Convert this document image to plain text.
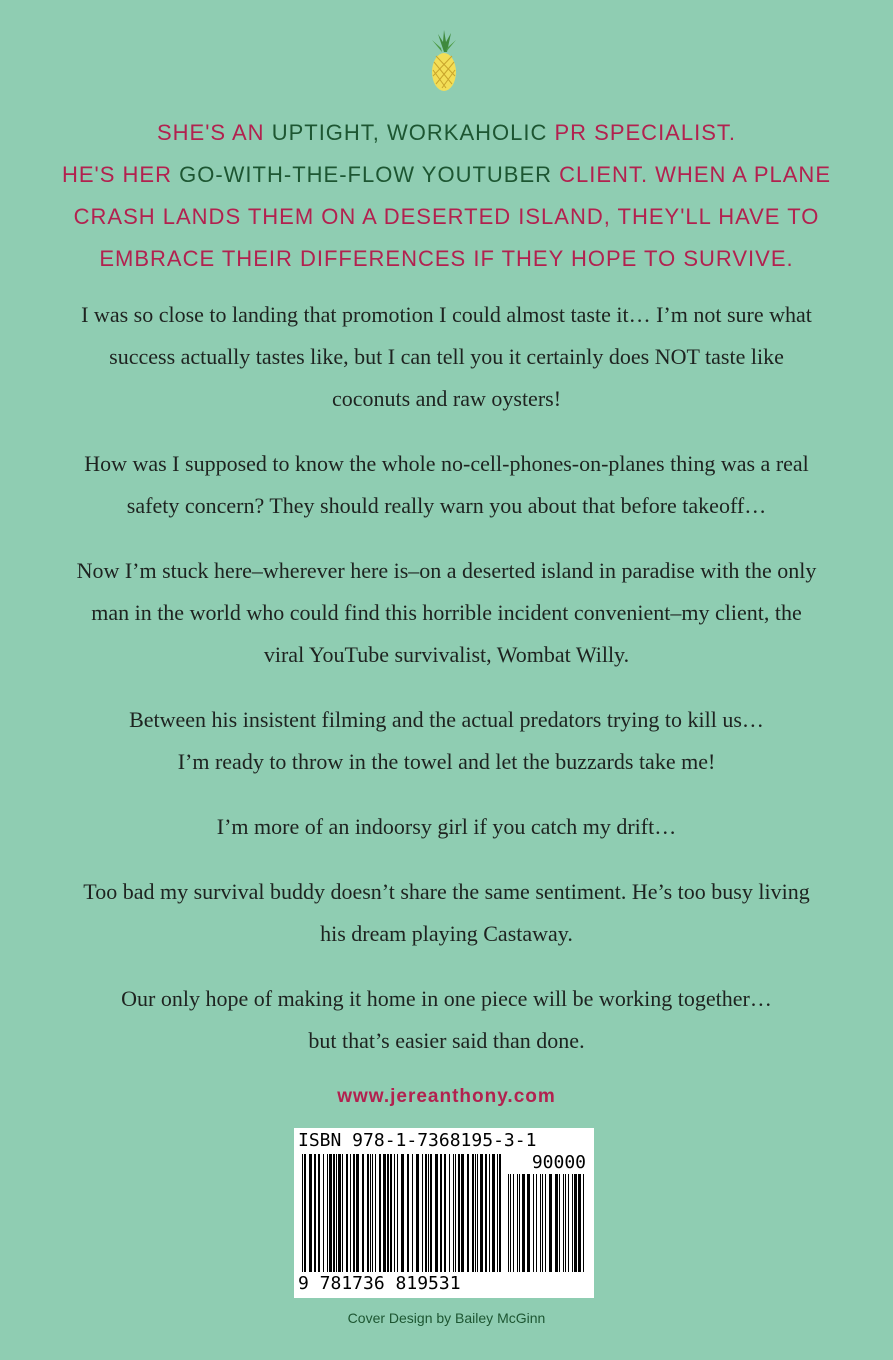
SHE'S AN UPTIGHT, WORKAHOLIC PR SPECIALIST.
HE'S HER GO-WITH-THE-FLOW YOUTUBER CLIENT. WHEN A PLANE
CRASH LANDS THEM ON A DESERTED ISLAND, THEY'LL HAVE TO
EMBRACE THEIR DIFFERENCES IF THEY HOPE TO SURVIVE.

I was so close to landing that promotion I could almost taste it… I’m not sure what
success actually tastes like, but I can tell you it certainly does NOT taste like
coconuts and raw oysters!

How was I supposed to know the whole no-cell-phones-on-planes thing was a real
safety concern? They should really warn you about that before takeoff…

Now I’m stuck here–wherever here is–on a deserted island in paradise with the only
man in the world who could find this horrible incident convenient–my client, the
viral YouTube survivalist, Wombat Willy.

Between his insistent filming and the actual predators trying to kill us…
I’m ready to throw in the towel and let the buzzards take me!

I’m more of an indoorsy girl if you catch my drift…

Too bad my survival buddy doesn’t share the same sentiment. He’s too busy living
his dream playing Castaway.

Our only hope of making it home in one piece will be working together…
but that’s easier said than done.

www.jereanthony.com
ISBN 978-1-7368195-3-1
90000
9 781736 819531
Cover Design by Bailey McGinn
